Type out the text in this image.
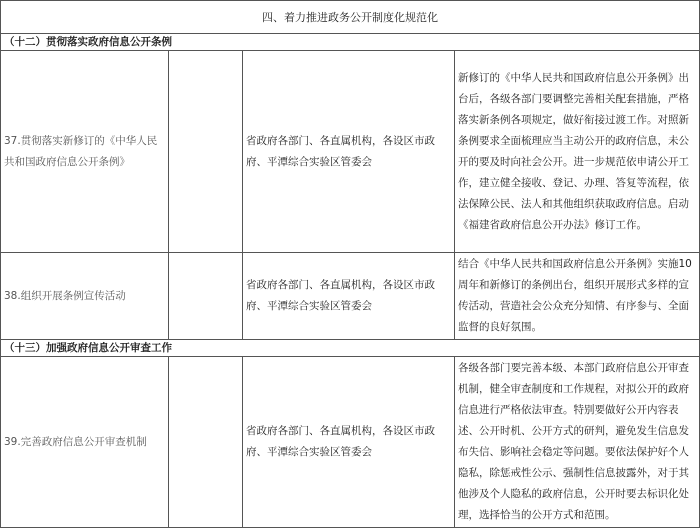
四、着力推进政务公开制度化规范化			
（十二）贯彻落实政府信息公开条例			
37.贯彻落实新修订的《中华人民共和国政府信息公开条例》		省政府各部门、各直属机构，各设区市政府、平潭综合实验区管委会	新修订的《中华人民共和国政府信息公开条例》出台后，各级各部门要调整完善相关配套措施，严格落实新条例各项规定，做好衔接过渡工作。对照新条例要求全面梳理应当主动公开的政府信息，未公开的要及时向社会公开。进一步规范依申请公开工作，建立健全接收、登记、办理、答复等流程，依法保障公民、法人和其他组织获取政府信息。启动《福建省政府信息公开办法》修订工作。
38.组织开展条例宣传活动		省政府各部门、各直属机构，各设区市政府、平潭综合实验区管委会	结合《中华人民共和国政府信息公开条例》实施10周年和新修订的条例出台，组织开展形式多样的宣传活动，营造社会公众充分知情、有序参与、全面监督的良好氛围。
（十三）加强政府信息公开审查工作			
39.完善政府信息公开审查机制		省政府各部门、各直属机构，各设区市政府、平潭综合实验区管委会	各级各部门要完善本级、本部门政府信息公开审查机制，健全审查制度和工作规程，对拟公开的政府信息进行严格依法审查。特别要做好公开内容表述、公开时机、公开方式的研判，避免发生信息发布失信、影响社会稳定等问题。要依法保护好个人隐私，除惩戒性公示、强制性信息披露外，对于其他涉及个人隐私的政府信息，公开时要去标识化处理，选择恰当的公开方式和范围。
